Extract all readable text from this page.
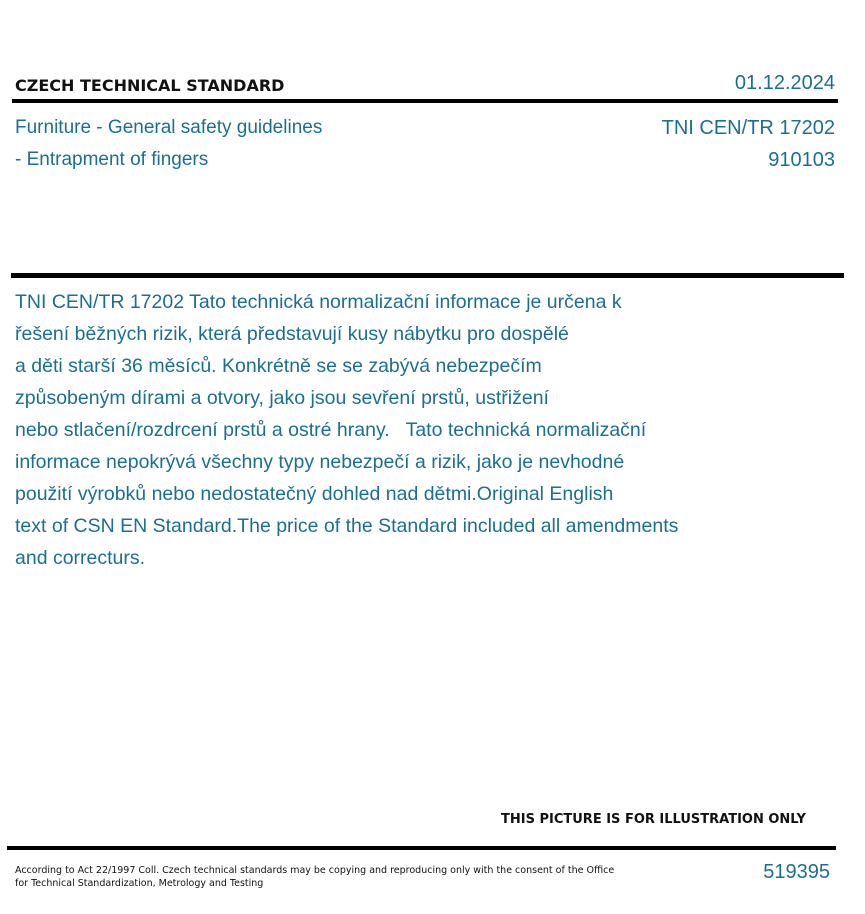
CZECH TECHNICAL STANDARD	01.12.2024
Furniture - General safety guidelines
- Entrapment of fingers
TNI CEN/TR 17202
910103
TNI CEN/TR 17202 Tato technická normalizační informace je určena k
řešení běžných rizik, která představují kusy nábytku pro dospělé
a děti starší 36 měsíců. Konkrétně se se zabývá nebezpečím
způsobeným dírami a otvory, jako jsou sevření prstů, ustřižení
nebo stlačení/rozdrcení prstů a ostré hrany.   Tato technická normalizační
informace nepokrývá všechny typy nebezpečí a rizik, jako je nevhodné
použití výrobků nebo nedostatečný dohled nad dětmi.Original English
text of CSN EN Standard.The price of the Standard included all amendments
and correcturs.
THIS PICTURE IS FOR ILLUSTRATION ONLY
According to Act 22/1997 Coll. Czech technical standards may be copying and reproducing only with the consent of the Office
for Technical Standardization, Metrology and Testing
519395
